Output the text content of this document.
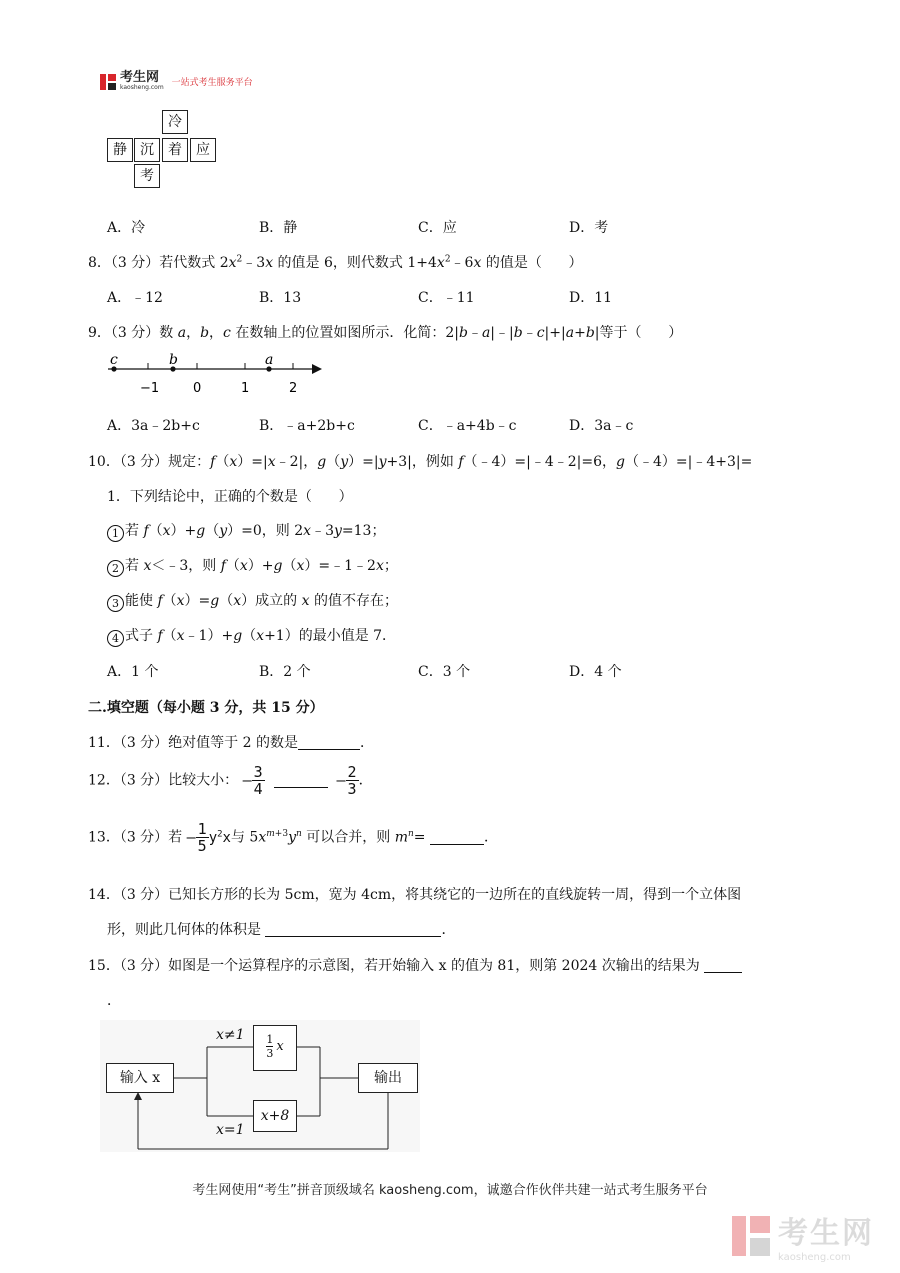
考生网
kaosheng.com 一站式考生服务平台
冷
静 沉	着	应
考
A．冷	B．静	C．应	D．考
8．（3 分）若代数式 $2x^2﹣3x$ 的值是 6，则代数式 $1+4x^2﹣6x$ 的值是（      ）
A．﹣12	B．13	C．﹣11	D．11
9．（3 分）数 a，b，c 在数轴上的位置如图所示．化简：2|b﹣a|﹣|b﹣c|+|a+b|等于（      ）
c	b	a
−1	0	1	2
A．3a﹣2b+c	B．﹣a+2b+c	C．﹣a+4b﹣c	D．3a﹣c
10．（3 分）规定：f（x）=|x﹣2|，g（y）=|y+3|，例如 f（﹣4）=|﹣4﹣2|=6，g（﹣4）=|﹣4+3|=
1．下列结论中，正确的个数是（      ）
1 若 f（x）+g（y）=0，则 2x﹣3y=13；
2 若 x＜﹣3，则 f（x）+g（x）=﹣1﹣2x；
3 能使 f（x）=g（x）成立的 x 的值不存在；
4 式子 f（x﹣1）+g（x+1）的最小值是 7．
A．1 个	B．2 个	C．3 个	D．4 个
二.填空题（每小题 3 分，共 15 分）
11．（3 分）绝对值等于 2 的数是	．
12．（3 分）比较大小： – $\frac{3}{4}$	– $\frac{2}{3}$ ．
13．（3 分）若 – $\frac{1}{5} y^2x$与 $5x^{m+3}y^n$ 可以合并，则 $m^n=$	．
14．（3 分）已知长方形的长为 5cm，宽为 4cm，将其绕它的一边所在的直线旋转一周，得到一个立体图
形，则此几何体的体积是	．
15．（3 分）如图是一个运算程序的示意图，若开始输入 x 的值为 81，则第 2024 次输出的结果为
．
输入 x
1
3 x
x+8
输出
x≠1
x=1
考生网使用“考生”拼音顶级域名 kaosheng.com，诚邀合作伙伴共建一站式考生服务平台
考生网
kaosheng.com
